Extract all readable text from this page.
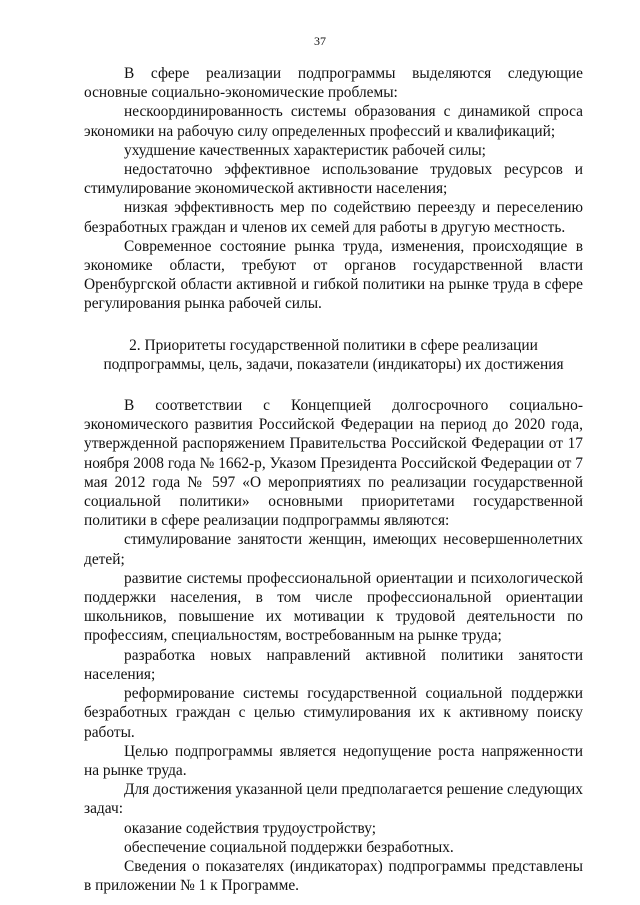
37

В сфере реализации подпрограммы выделяются следующие основные социально-экономические проблемы:

нескоординированность системы образования с динамикой спроса экономики на рабочую силу определенных профессий и квалификаций;

ухудшение качественных характеристик рабочей силы;

недостаточно эффективное использование трудовых ресурсов и стимулирование экономической активности населения;

низкая эффективность мер по содействию переезду и переселению безработных граждан и членов их семей для работы в другую местность.

Современное состояние рынка труда, изменения, происходящие в экономике области, требуют от органов государственной власти Оренбургской области активной и гибкой политики на рынке труда в сфере регулирования рынка рабочей силы.

2. Приоритеты государственной политики в сфере реализации
подпрограммы, цель, задачи, показатели (индикаторы) их достижения

В соответствии с Концепцией долгосрочного социально-экономического развития Российской Федерации на период до 2020 года, утвержденной распоряжением Правительства Российской Федерации от 17 ноября 2008 года № 1662-р, Указом Президента Российской Федерации от 7 мая 2012 года № 597 «О мероприятиях по реализации государственной социальной политики» основными приоритетами государственной политики в сфере реализации подпрограммы являются:

стимулирование занятости женщин, имеющих несовершеннолетних детей;

развитие системы профессиональной ориентации и психологической поддержки населения, в том числе профессиональной ориентации школьников, повышение их мотивации к трудовой деятельности по профессиям, специальностям, востребованным на рынке труда;

разработка новых направлений активной политики занятости населения;

реформирование системы государственной социальной поддержки безработных граждан с целью стимулирования их к активному поиску работы.

Целью подпрограммы является недопущение роста напряженности на рынке труда.

Для достижения указанной цели предполагается решение следующих задач:

оказание содействия трудоустройству;

обеспечение социальной поддержки безработных.

Сведения о показателях (индикаторах) подпрограммы представлены в приложении № 1 к Программе.
